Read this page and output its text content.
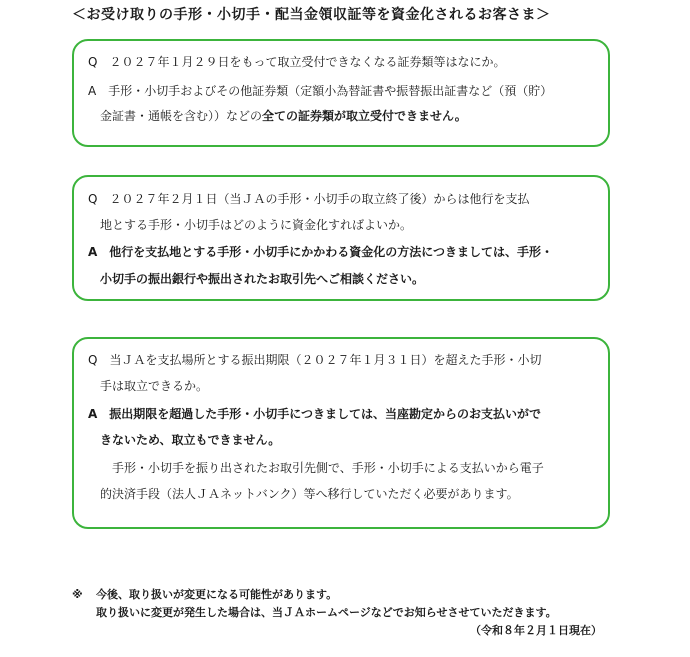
＜お受け取りの手形・小切手・配当金領収証等を資金化されるお客さま＞
Q　２０２７年１月２９日をもって取立受付できなくなる証券類等はなにか。
A　手形・小切手およびその他証券類（定額小為替証書や振替振出証書など（預（貯）
　金証書・通帳を含む））などの全ての証券類が取立受付できません。
Q　２０２７年２月１日（当ＪＡの手形・小切手の取立終了後）からは他行を支払
　地とする手形・小切手はどのように資金化すればよいか。
A　他行を支払地とする手形・小切手にかかわる資金化の方法につきましては、手形・
　小切手の振出銀行や振出されたお取引先へご相談ください。
Q　当ＪＡを支払場所とする振出期限（２０２７年１月３１日）を超えた手形・小切
　手は取立できるか。
A　振出期限を超過した手形・小切手につきましては、当座勘定からのお支払いがで
　きないため、取立もできません。
　　手形・小切手を振り出されたお取引先側で、手形・小切手による支払いから電子
　的決済手段（法人ＪＡネットバンク）等へ移行していただく必要があります。
※ 今後、取り扱いが変更になる可能性があります。
取り扱いに変更が発生した場合は、当ＪＡホームページなどでお知らせさせていただきます。
（令和８年２月１日現在）
